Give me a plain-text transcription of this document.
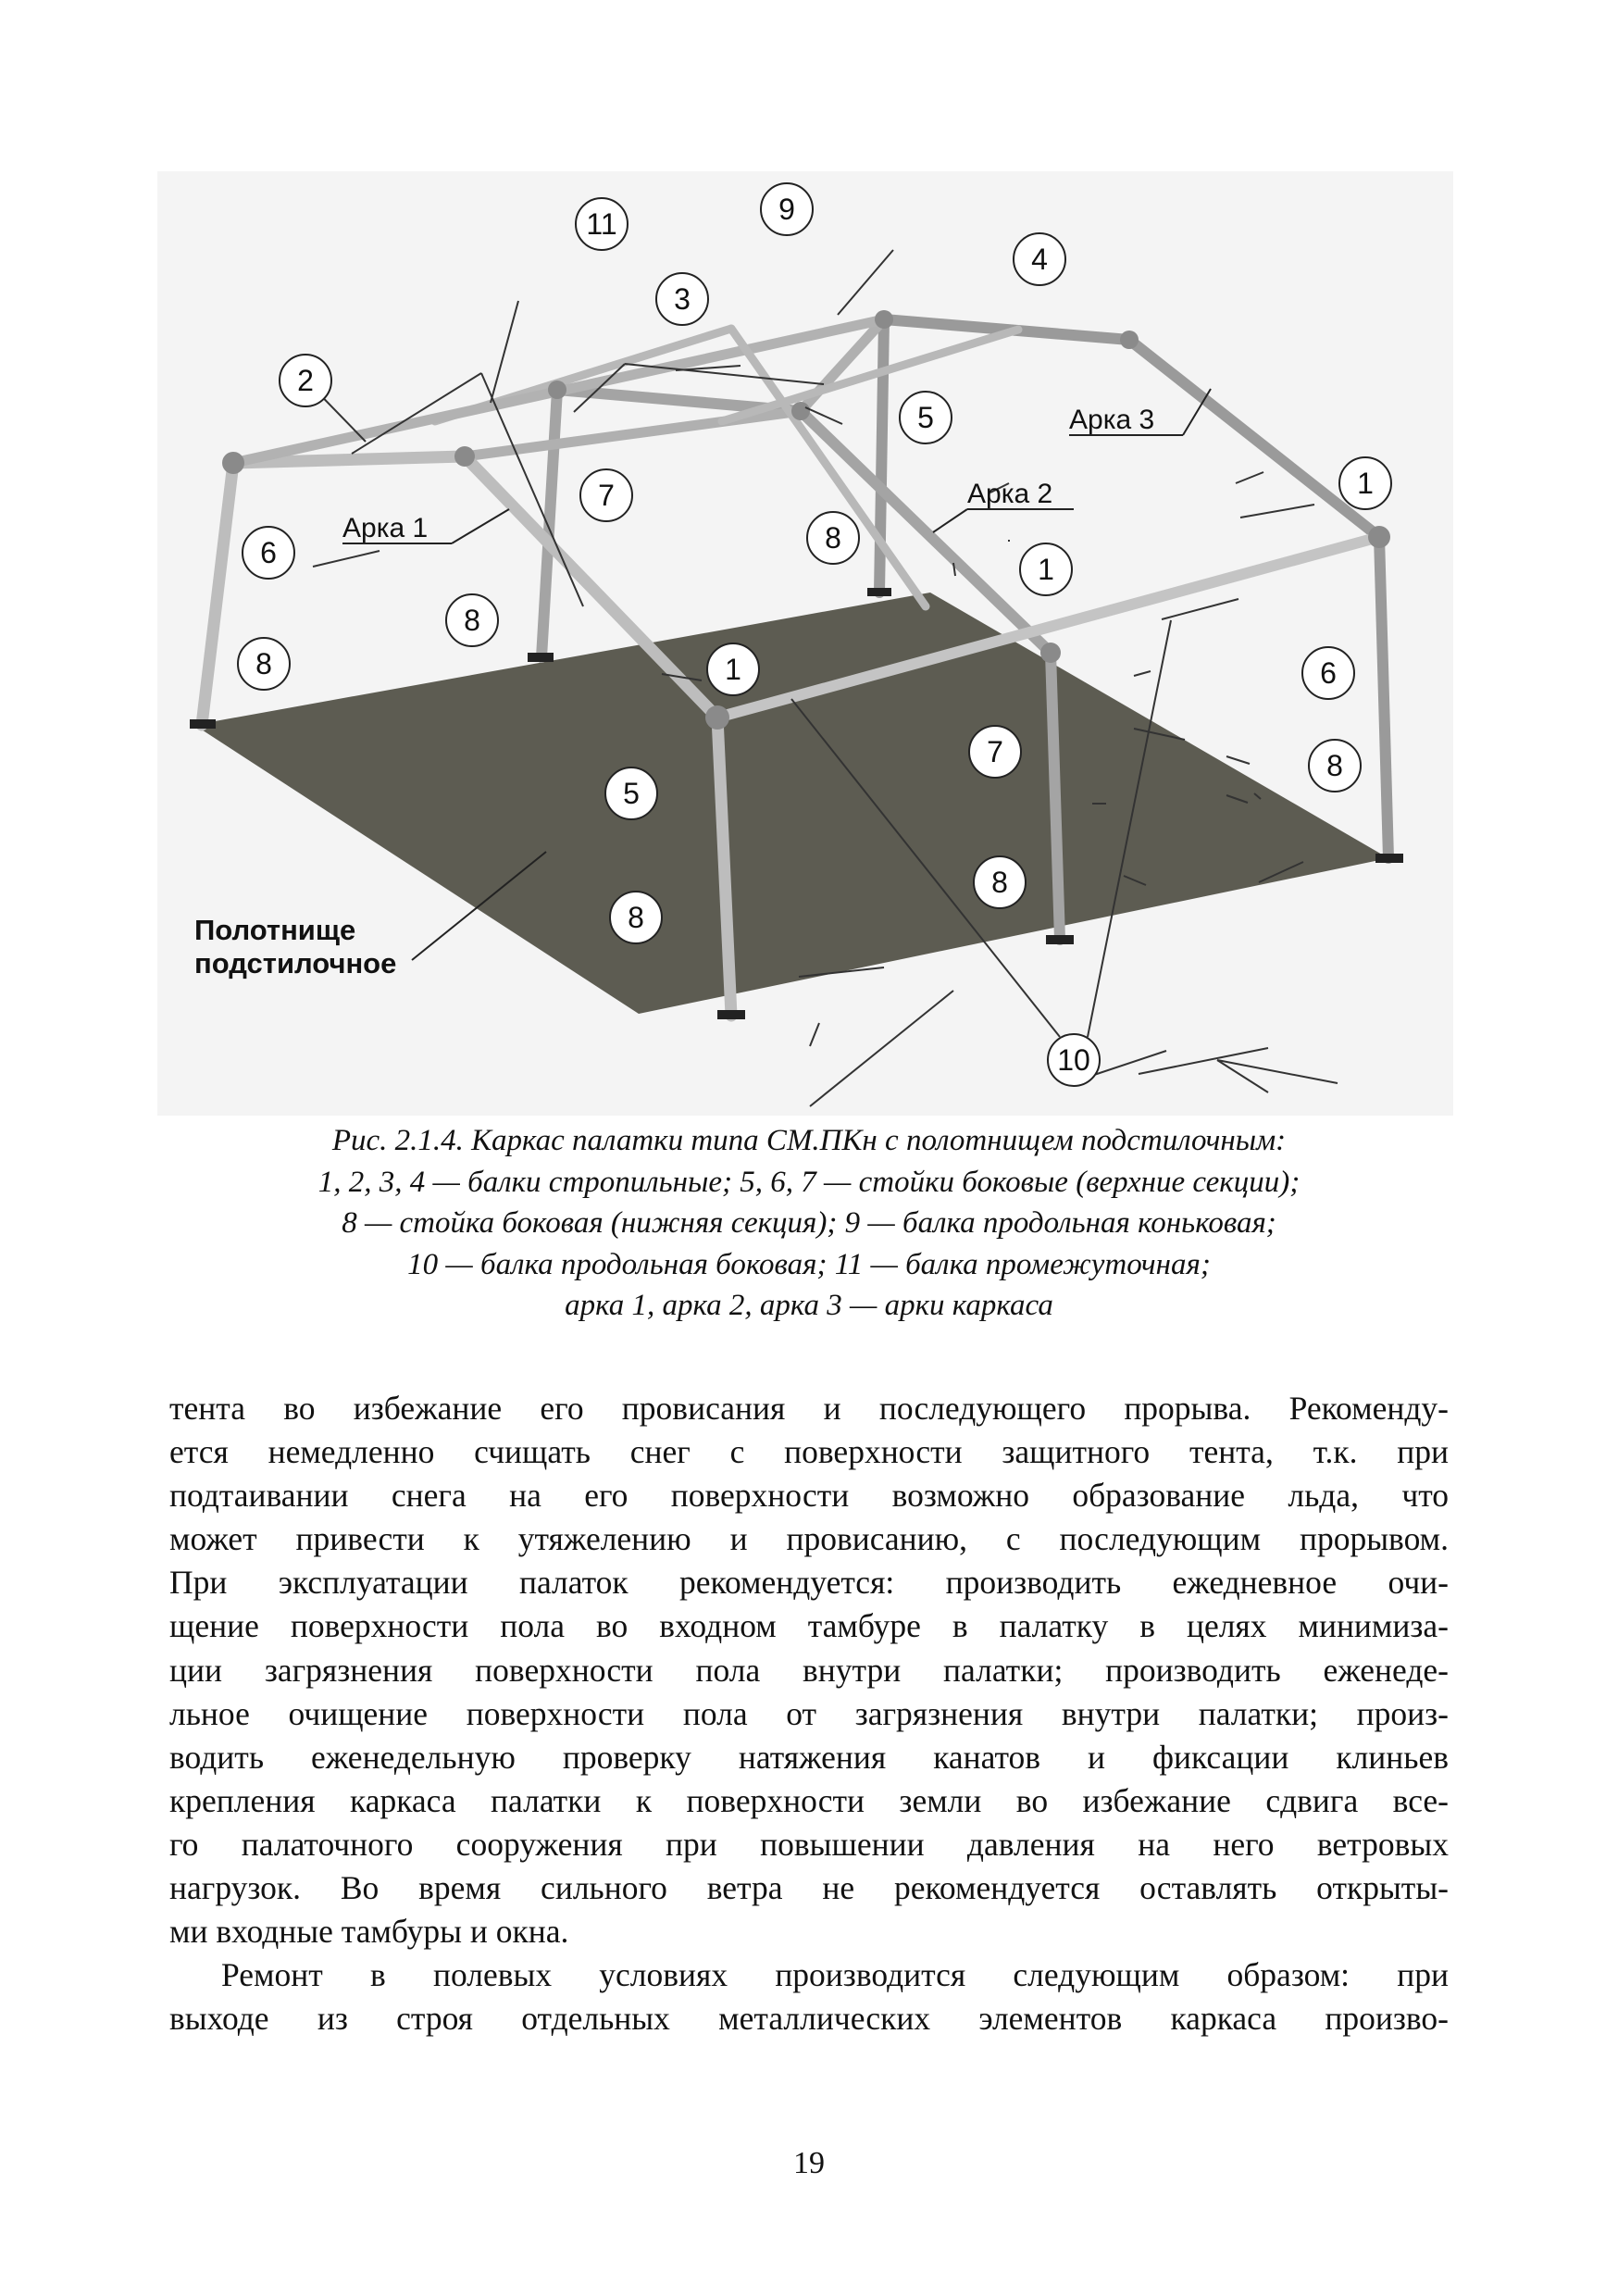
11	9
4
3
2
5
7	1
6	8
8
8
1
1	6
7	8
5
8
8
10
Арка 1
Арка 2
Арка 3
Полотнище
подстилочное
Рис. 2.1.4. Каркас палатки типа СМ.ПКн с полотнищем подстилочным:
1, 2, 3, 4 — балки стропильные; 5, 6, 7 — стойки боковые (верхние секции);
8 — стойка боковая (нижняя секция); 9 — балка продольная коньковая;
10 — балка продольная боковая; 11 — балка промежуточная;
арка 1, арка 2, арка 3 — арки каркаса
тента во избежание его провисания и последующего прорыва. Рекоменду-
ется немедленно счищать снег с поверхности защитного тента, т.к. при
подтаивании снега на его поверхности возможно образование льда, что
может привести к утяжелению и провисанию, с последующим прорывом.
При эксплуатации палаток рекомендуется: производить ежедневное очи-
щение поверхности пола во входном тамбуре в палатку в целях минимиза-
ции загрязнения поверхности пола внутри палатки; производить еженеде-
льное очищение поверхности пола от загрязнения внутри палатки; произ-
водить еженедельную проверку натяжения канатов и фиксации клиньев
крепления каркаса палатки к поверхности земли во избежание сдвига все-
го палаточного сооружения при повышении давления на него ветровых
нагрузок. Во время сильного ветра не рекомендуется оставлять открыты-
ми входные тамбуры и окна.
Ремонт в полевых условиях производится следующим образом: при
выходе из строя отдельных металлических элементов каркаса произво-
19
